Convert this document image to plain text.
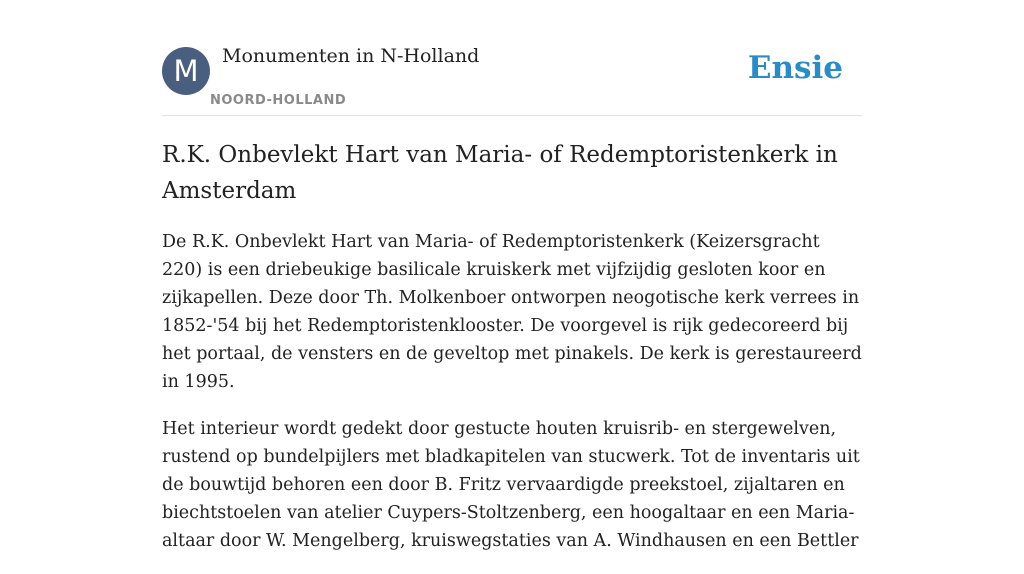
M	Monumenten in N-Holland
NOORD-HOLLAND
Ensie
R.K. Onbevlekt Hart van Maria- of Redemptoristenkerk in Amsterdam

De R.K. Onbevlekt Hart van Maria- of Redemptoristenkerk (Keizersgracht 220) is een driebeukige basilicale kruiskerk met vijfzijdig gesloten koor en zijkapellen. Deze door Th. Molkenboer ontworpen neogotische kerk verrees in 1852-'54 bij het Redemptoristenklooster. De voorgevel is rijk gedecoreerd bij het portaal, de vensters en de geveltop met pinakels. De kerk is gerestaureerd in 1995.

Het interieur wordt gedekt door gestucte houten kruisrib- en stergewelven, rustend op bundelpijlers met bladkapitelen van stucwerk. Tot de inventaris uit de bouwtijd behoren een door B. Fritz vervaardigde preekstoel, zijaltaren en biechtstoelen van atelier Cuypers-Stoltzenberg, een hoogaltaar en een Maria-altaar door W. Mengelberg, kruiswegstaties van A. Windhausen en een Bettler
